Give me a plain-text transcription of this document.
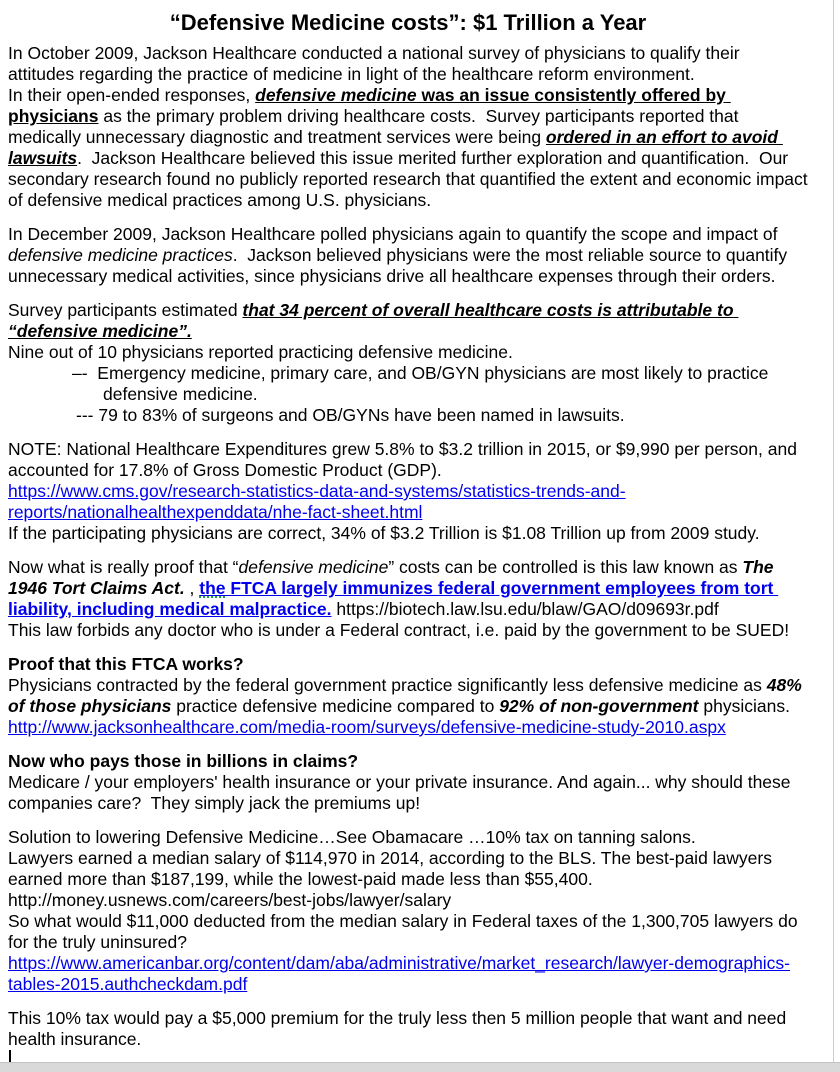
“Defensive Medicine costs”: $1 Trillion a Year

In October 2009, Jackson Healthcare conducted a national survey of physicians to qualify their attitudes regarding the practice of medicine in light of the healthcare reform environment.
In their open-ended responses, defensive medicine was an issue consistently offered by physicians as the primary problem driving healthcare costs.  Survey participants reported that medically unnecessary diagnostic and treatment services were being ordered in an effort to avoid lawsuits.  Jackson Healthcare believed this issue merited further exploration and quantification.  Our secondary research found no publicly reported research that quantified the extent and economic impact of defensive medical practices among U.S. physicians.

In December 2009, Jackson Healthcare polled physicians again to quantify the scope and impact of defensive medicine practices.  Jackson believed physicians were the most reliable source to quantify unnecessary medical activities, since physicians drive all healthcare expenses through their orders.

Survey participants estimated that 34 percent of overall healthcare costs is attributable to “defensive medicine”.
Nine out of 10 physicians reported practicing defensive medicine.

–-  Emergency medicine, primary care, and OB/GYN physicians are most likely to practice defensive medicine.

--- 79 to 83% of surgeons and OB/GYNs have been named in lawsuits.

NOTE: National Healthcare Expenditures grew 5.8% to $3.2 trillion in 2015, or $9,990 per person, and accounted for 17.8% of Gross Domestic Product (GDP).
https://www.cms.gov/research-statistics-data-and-systems/statistics-trends-and-reports/nationalhealthexpenddata/nhe-fact-sheet.html
If the participating physicians are correct, 34% of $3.2 Trillion is $1.08 Trillion up from 2009 study.

Now what is really proof that “defensive medicine” costs can be controlled is this law known as The 1946 Tort Claims Act. , the FTCA largely immunizes federal government employees from tort liability, including medical malpractice. https://biotech.law.lsu.edu/blaw/GAO/d09693r.pdf
This law forbids any doctor who is under a Federal contract, i.e. paid by the government to be SUED!

Proof that this FTCA works?

Physicians contracted by the federal government practice significantly less defensive medicine as 48% of those physicians practice defensive medicine compared to 92% of non-government physicians.
http://www.jacksonhealthcare.com/media-room/surveys/defensive-medicine-study-2010.aspx

Now who pays those in billions in claims?

Medicare / your employers' health insurance or your private insurance. And again... why should these companies care?  They simply jack the premiums up!

Solution to lowering Defensive Medicine…See Obamacare …10% tax on tanning salons.
Lawyers earned a median salary of $114,970 in 2014, according to the BLS. The best-paid lawyers earned more than $187,199, while the lowest-paid made less than $55,400.
http://money.usnews.com/careers/best-jobs/lawyer/salary
So what would $11,000 deducted from the median salary in Federal taxes of the 1,300,705 lawyers do for the truly uninsured?
https://www.americanbar.org/content/dam/aba/administrative/market_research/lawyer-demographics-tables-2015.authcheckdam.pdf

This 10% tax would pay a $5,000 premium for the truly less then 5 million people that want and need health insurance.
